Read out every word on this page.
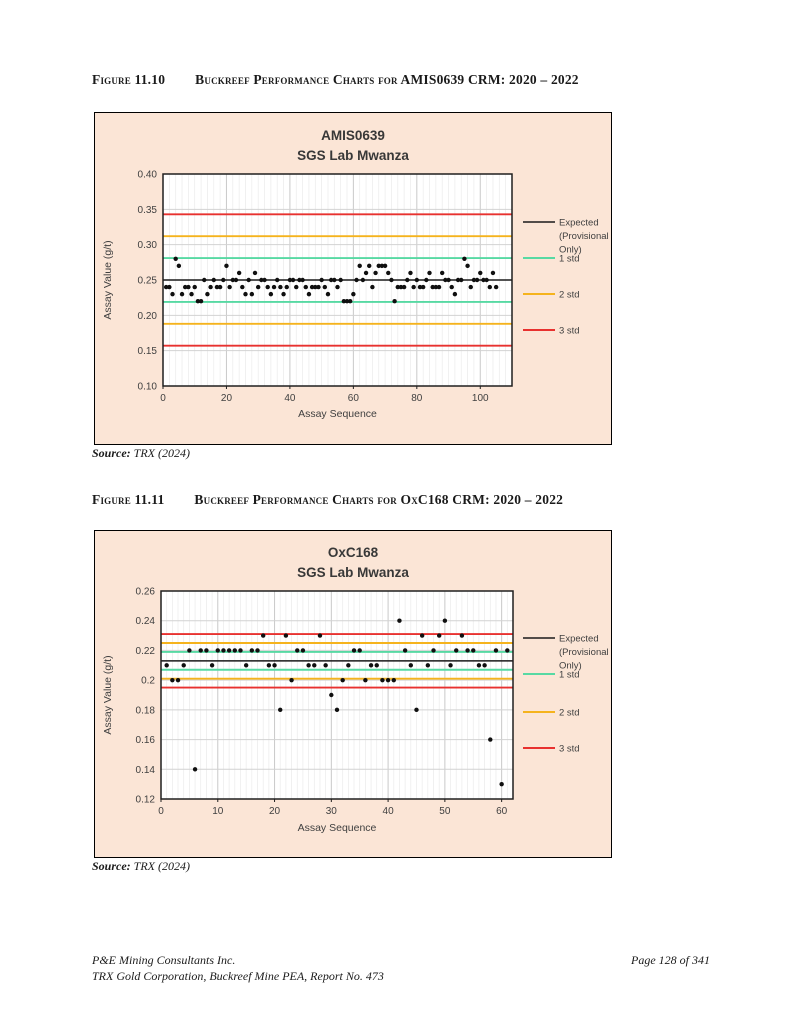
Figure 11.10 Buckreef Performance Charts for AMIS0639 CRM: 2020 – 2022
0.40
0.35
0.30
0.25
0.20
0.15
0.10
0	20	40	60	80	100
AMIS0639
SGS Lab Mwanza
Assay Value (g/t)
Assay Sequence
Expected
(Provisional
Only)
1 std
2 std
3 std
Source: TRX (2024)
Figure 11.11 Buckreef Performance Charts for OxC168 CRM: 2020 – 2022
0.26
0.24
0.22
0.2
0.18
0.16
0.14
0.12
0	10	20	30	40	50	60
OxC168
SGS Lab Mwanza
Assay Value (g/t)
Assay Sequence
Expected
(Provisional
Only)
1 std
2 std
3 std
Source: TRX (2024)
P&E Mining Consultants Inc.	Page 128 of 341
TRX Gold Corporation, Buckreef Mine PEA, Report No. 473
